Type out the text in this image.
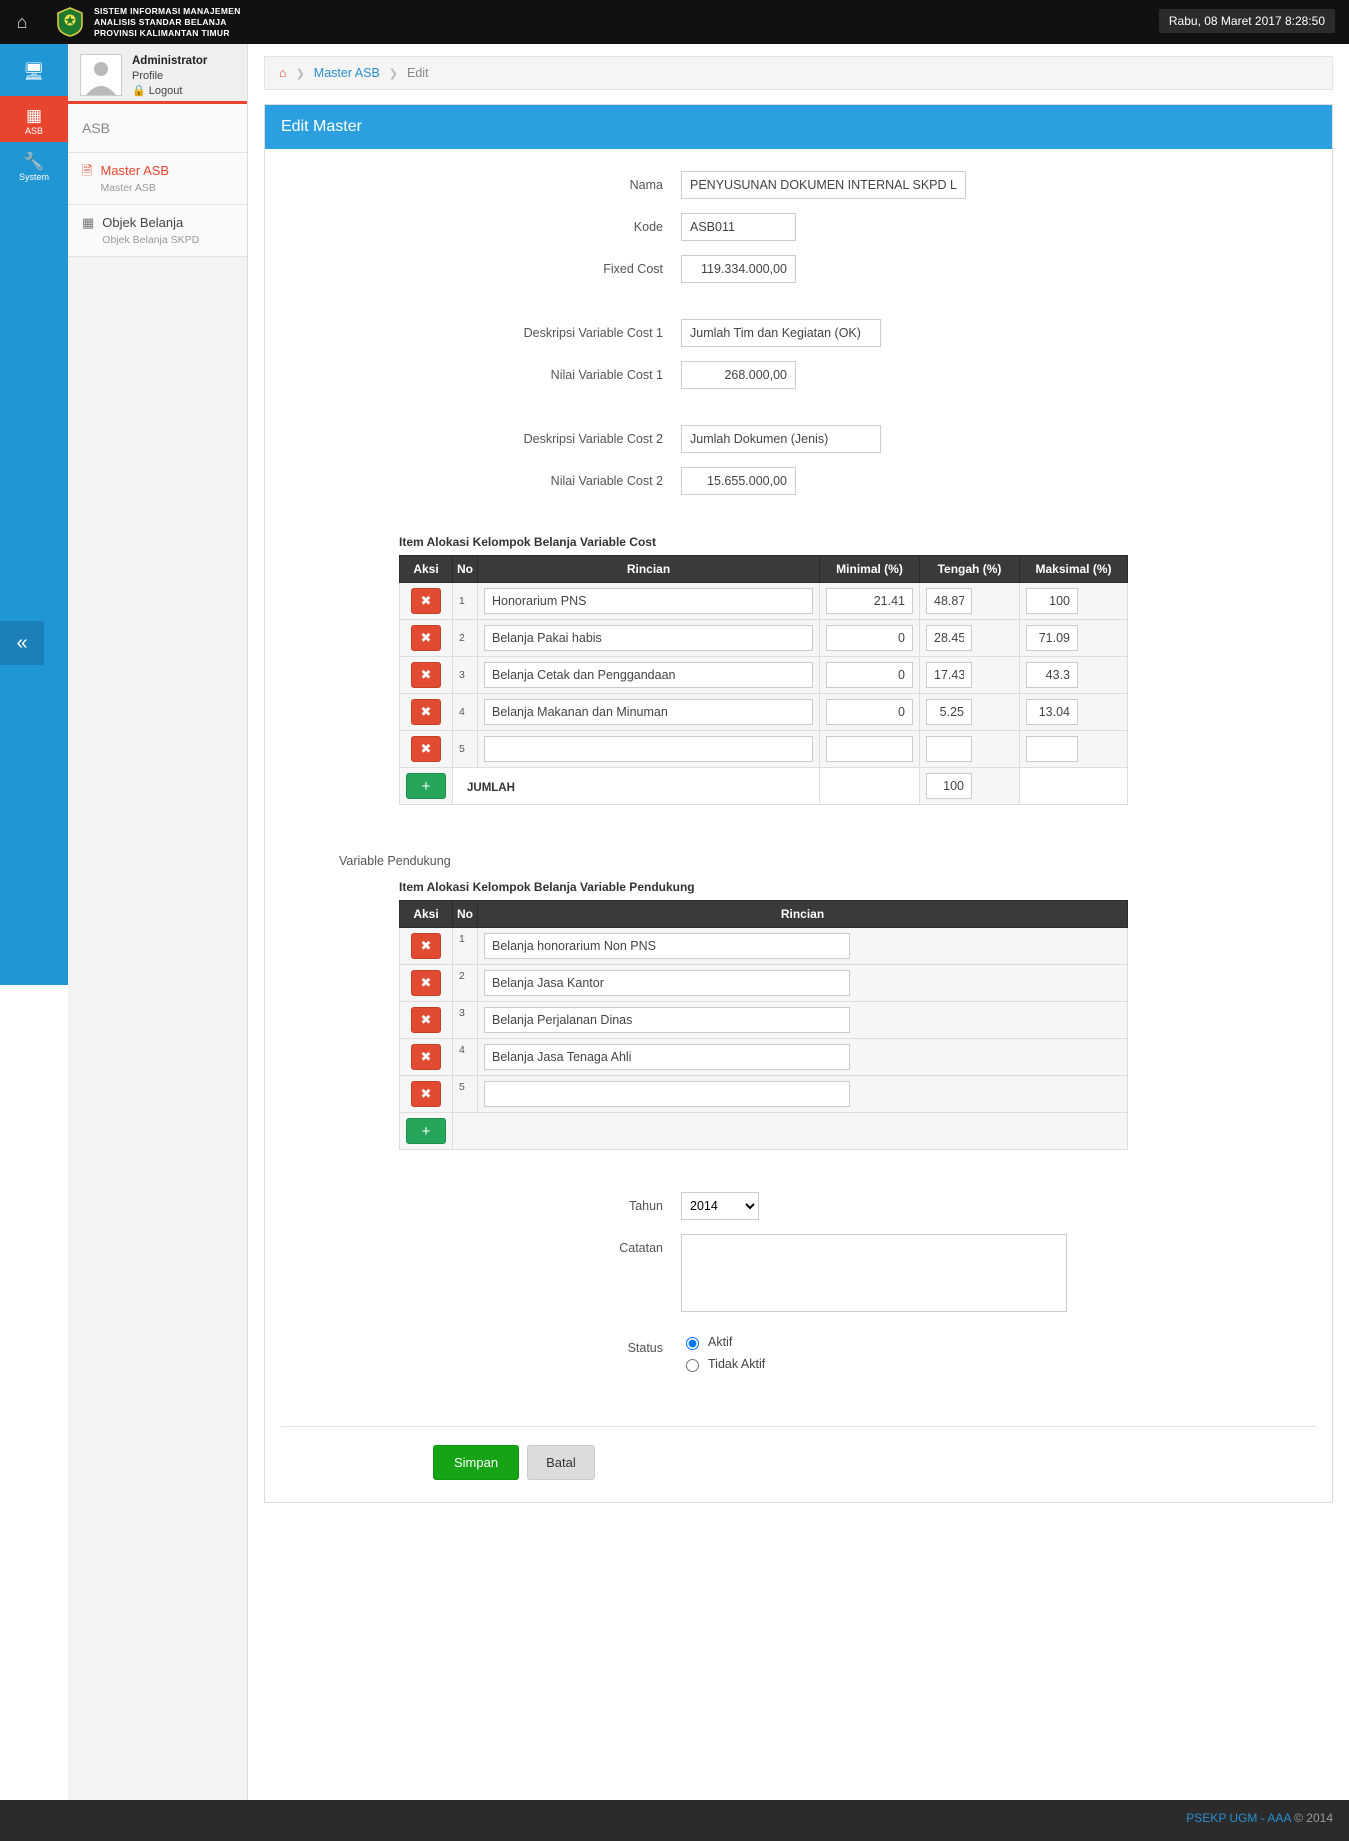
⌂
SISTEM INFORMASI MANAJEMEN
ANALISIS STANDAR BELANJA
PROVINSI KALIMANTAN TIMUR
Rabu, 08 Maret 2017 8:28:50
🖥
▦
ASB
🔧
System
«
Administrator
Profile
🔒 Logout
ASB
🗎 Master ASB
Master ASB
▦ Objek Belanja
Objek Belanja SKPD
⌂ ❯ Master ASB ❯ Edit
Edit Master
Nama
PENYUSUNAN DOKUMEN INTERNAL SKPD LINGKUP BA
Kode
ASB011
Fixed Cost
119.334.000,00
Deskripsi Variable Cost 1
Jumlah Tim dan Kegiatan (OK)
Nilai Variable Cost 1
268.000,00
Deskripsi Variable Cost 2
Jumlah Dokumen (Jenis)
Nilai Variable Cost 2
15.655.000,00
Item Alokasi Kelompok Belanja Variable Cost
Aksi	No	Rincian	Minimal (%)	Tengah (%)	Maksimal (%)
✖	1	Honorarium PNS	21.41	48.87	100
✖	2	Belanja Pakai habis	0	28.45	71.09
✖	3	Belanja Cetak dan Penggandaan	0	17.43	43.3
✖	4	Belanja Makanan dan Minuman	0	5.25	13.04
✖	5				
+	JUMLAH		100	
Variable Pendukung
Item Alokasi Kelompok Belanja Variable Pendukung
Aksi	No	Rincian
✖	1	Belanja honorarium Non PNS
✖	2	Belanja Jasa Kantor
✖	3	Belanja Perjalanan Dinas
✖	4	Belanja Jasa Tenaga Ahli
✖	5	
+		
Tahun
2014
Catatan
Status	Aktif
Tidak Aktif
Simpan	Batal
PSEKP UGM - AAA © 2014
